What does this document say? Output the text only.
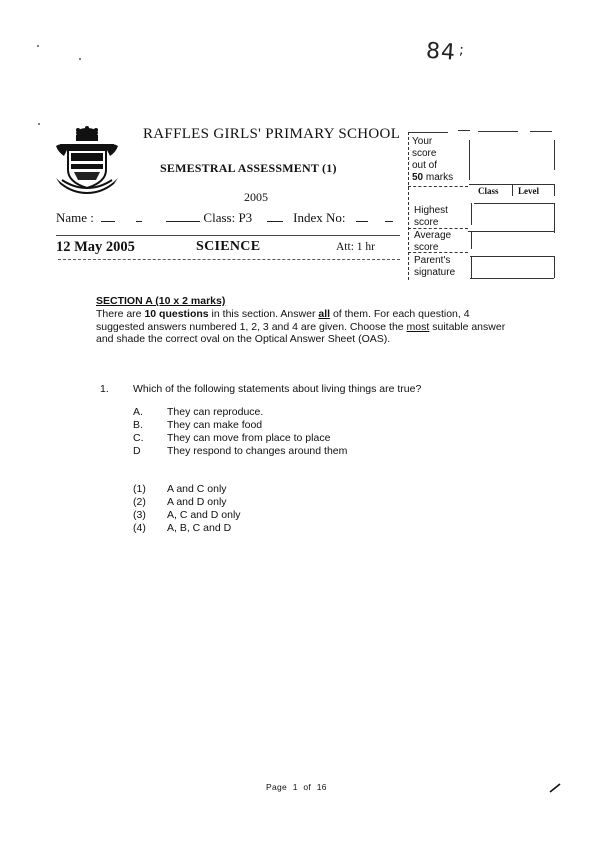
84 ;
RAFFLES GIRLS' PRIMARY SCHOOL
SEMESTRAL ASSESSMENT (1)
2005
Name :	Class: P3	Index No:
12 May 2005	SCIENCE	Att: 1 hr
Your
score
out of
50 marks
Class Level
Highest
score
Average
score
Parent's
signature
SECTION A (10 x 2 marks)
There are 10 questions in this section. Answer all of them. For each question, 4 suggested answers numbered 1, 2, 3 and 4 are given. Choose the most suitable answer and shade the correct oval on the Optical Answer Sheet (OAS).
1. Which of the following statements about living things are true?
A. They can reproduce.
B. They can make food
C. They can move from place to place
D	They respond to changes around them
(1) A and C only
(2) A and D only
(3) A, C and D only
(4) A, B, C and D
Page 1 of 16
